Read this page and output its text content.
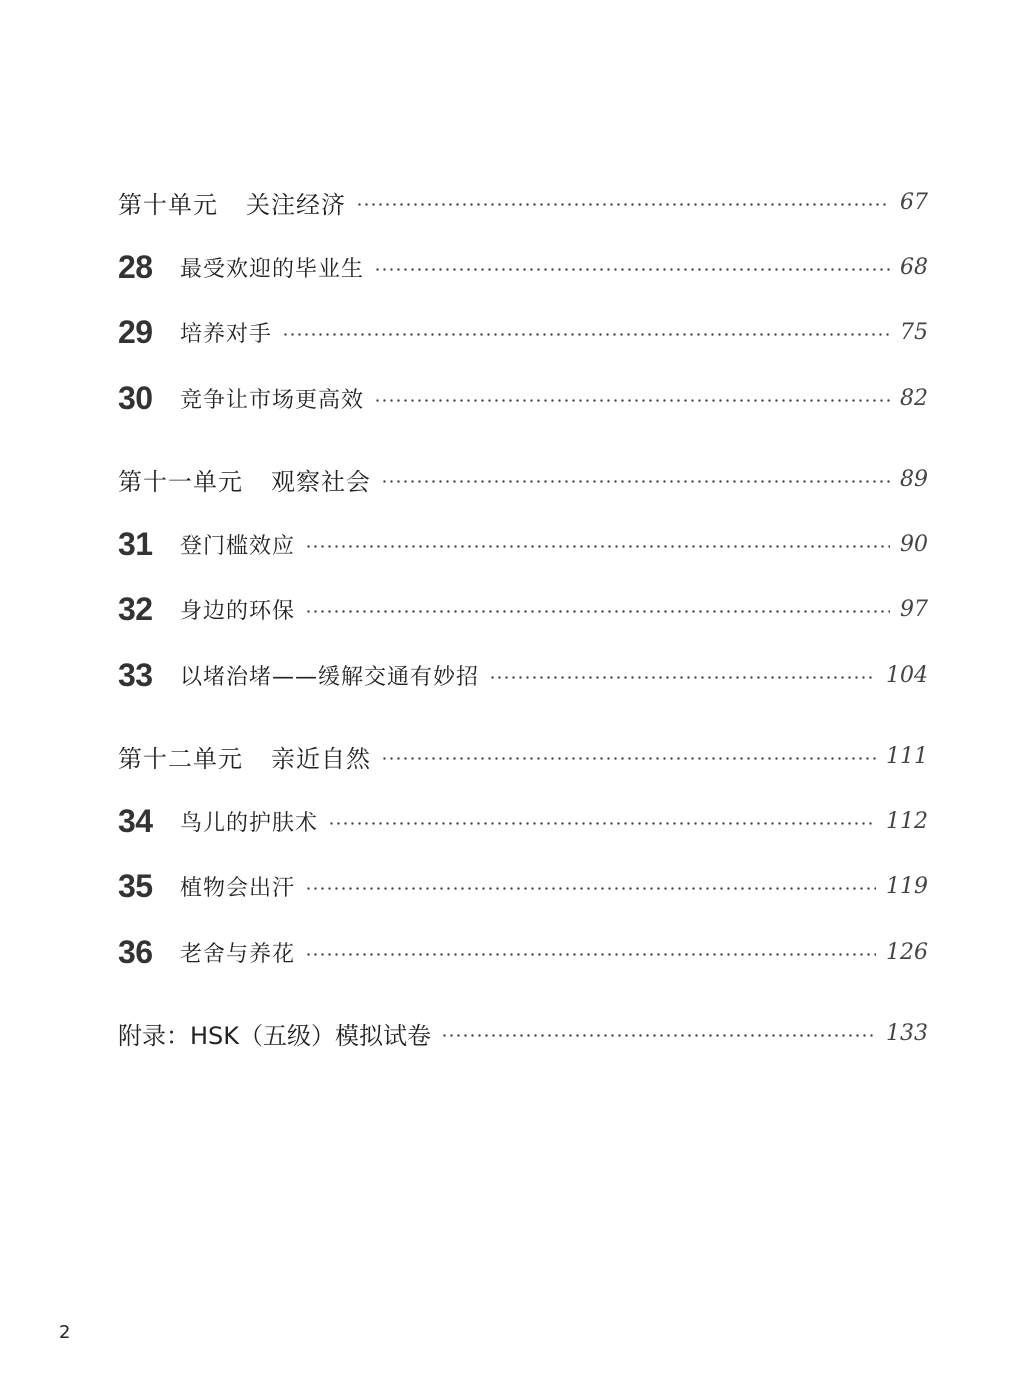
第十单元 关注经济	67
28	最受欢迎的毕业生	68
29	培养对手	75
30	竞争让市场更高效	82
第十一单元 观察社会	89
31	登门槛效应	90
32	身边的环保	97
33	以堵治堵——缓解交通有妙招	104
第十二单元 亲近自然	111
34	鸟儿的护肤术	112
35	植物会出汗	119
36	老舍与养花	126
附录：HSK（五级）模拟试卷	133
2
